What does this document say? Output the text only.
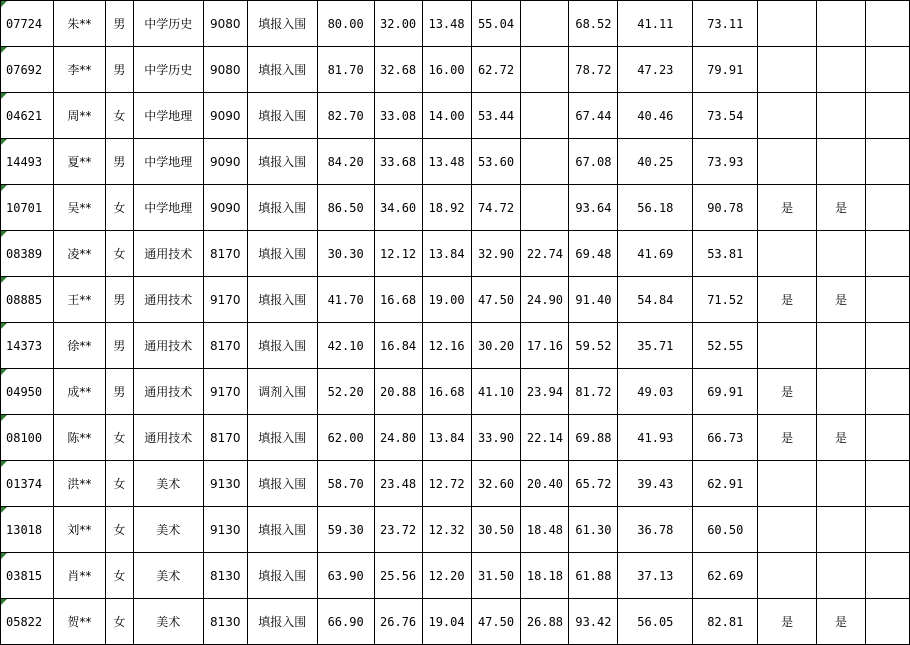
07724	朱**	男	中学历史	9080	填报入围	80.00	32.00	13.48	55.04		68.52	41.11	73.11			
07692	李**	男	中学历史	9080	填报入围	81.70	32.68	16.00	62.72		78.72	47.23	79.91			
04621	周**	女	中学地理	9090	填报入围	82.70	33.08	14.00	53.44		67.44	40.46	73.54			
14493	夏**	男	中学地理	9090	填报入围	84.20	33.68	13.48	53.60		67.08	40.25	73.93			
10701	吴**	女	中学地理	9090	填报入围	86.50	34.60	18.92	74.72		93.64	56.18	90.78	是	是	
08389	凌**	女	通用技术	8170	填报入围	30.30	12.12	13.84	32.90	22.74	69.48	41.69	53.81			
08885	王**	男	通用技术	9170	填报入围	41.70	16.68	19.00	47.50	24.90	91.40	54.84	71.52	是	是	
14373	徐**	男	通用技术	8170	填报入围	42.10	16.84	12.16	30.20	17.16	59.52	35.71	52.55			
04950	成**	男	通用技术	9170	调剂入围	52.20	20.88	16.68	41.10	23.94	81.72	49.03	69.91	是		
08100	陈**	女	通用技术	8170	填报入围	62.00	24.80	13.84	33.90	22.14	69.88	41.93	66.73	是	是	
01374	洪**	女	美术	9130	填报入围	58.70	23.48	12.72	32.60	20.40	65.72	39.43	62.91			
13018	刘**	女	美术	9130	填报入围	59.30	23.72	12.32	30.50	18.48	61.30	36.78	60.50			
03815	肖**	女	美术	8130	填报入围	63.90	25.56	12.20	31.50	18.18	61.88	37.13	62.69			
05822	贺**	女	美术	8130	填报入围	66.90	26.76	19.04	47.50	26.88	93.42	56.05	82.81	是	是	
